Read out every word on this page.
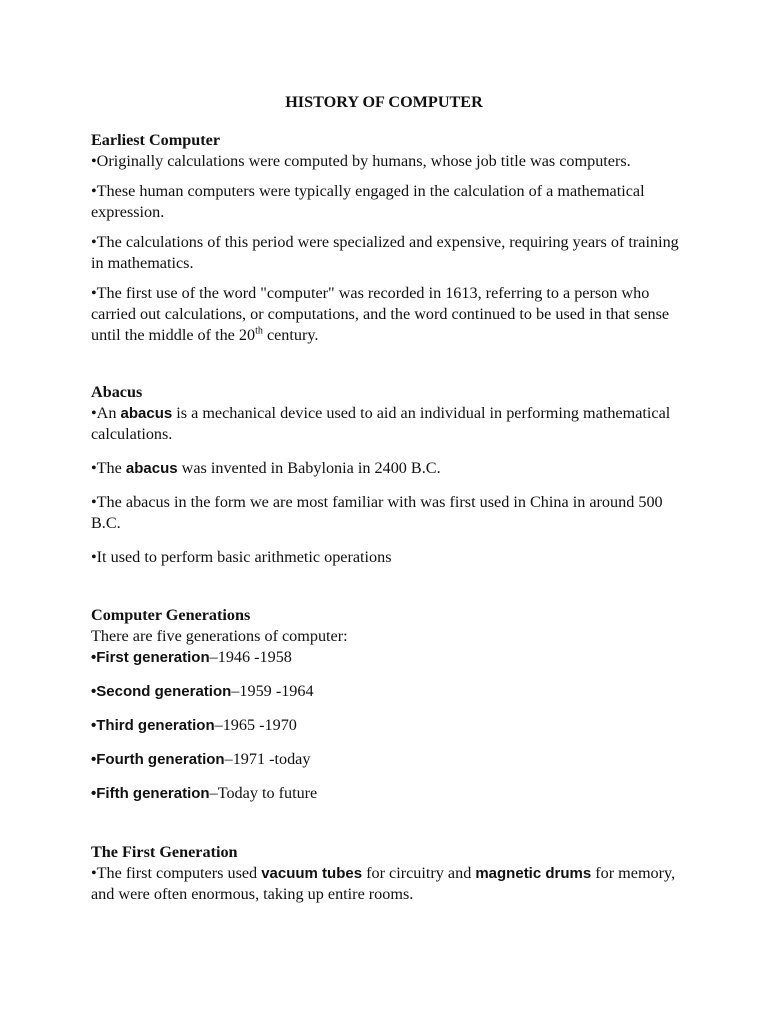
HISTORY OF COMPUTER
Earliest Computer

•Originally calculations were computed by humans, whose job title was computers.

•These human computers were typically engaged in the calculation of a mathematical expression.

•The calculations of this period were specialized and expensive, requiring years of training in mathematics.

•The first use of the word "computer" was recorded in 1613, referring to a person who carried out calculations, or computations, and the word continued to be used in that sense until the middle of the 20th century.

Abacus

•An abacus is a mechanical device used to aid an individual in performing mathematical calculations.

•The abacus was invented in Babylonia in 2400 B.C.

•The abacus in the form we are most familiar with was first used in China in around 500 B.C.

•It used to perform basic arithmetic operations

Computer Generations

There are five generations of computer:

•First generation–1946 -1958

•Second generation–1959 -1964

•Third generation–1965 -1970

•Fourth generation–1971 -today

•Fifth generation–Today to future

The First Generation

•The first computers used vacuum tubes for circuitry and magnetic drums for memory, and were often enormous, taking up entire rooms.
